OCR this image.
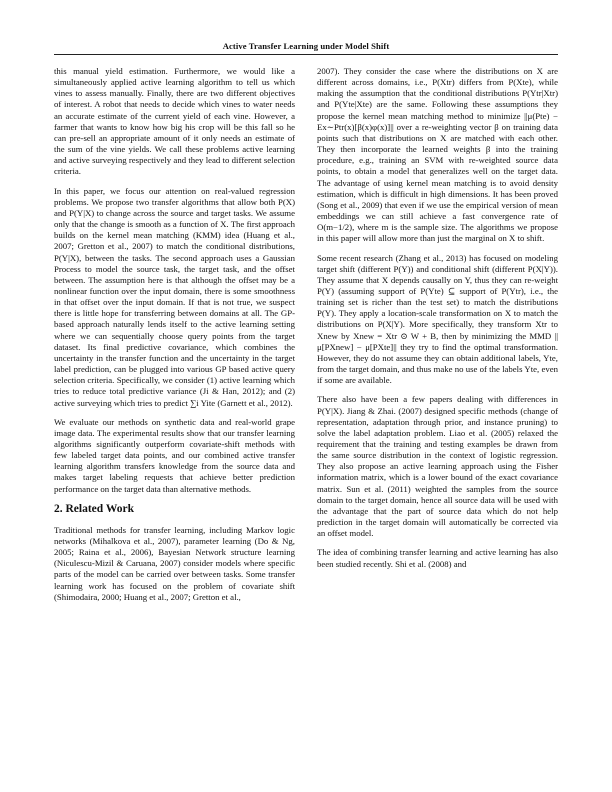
Active Transfer Learning under Model Shift

this manual yield estimation. Furthermore, we would like a simultaneously applied active learning algorithm to tell us which vines to assess manually. Finally, there are two different objectives of interest. A robot that needs to decide which vines to water needs an accurate estimate of the current yield of each vine. However, a farmer that wants to know how big his crop will be this fall so he can pre-sell an appropriate amount of it only needs an estimate of the sum of the vine yields. We call these problems active learning and active surveying respectively and they lead to different selection criteria.

In this paper, we focus our attention on real-valued regression problems. We propose two transfer algorithms that allow both P(X) and P(Y|X) to change across the source and target tasks. We assume only that the change is smooth as a function of X. The first approach builds on the kernel mean matching (KMM) idea (Huang et al., 2007; Gretton et al., 2007) to match the conditional distributions, P(Y|X), between the tasks. The second approach uses a Gaussian Process to model the source task, the target task, and the offset between. The assumption here is that although the offset may be a nonlinear function over the input domain, there is some smoothness in that offset over the input domain. If that is not true, we suspect there is little hope for transferring between domains at all. The GP-based approach naturally lends itself to the active learning setting where we can sequentially choose query points from the target dataset. Its final predictive covariance, which combines the uncertainty in the transfer function and the uncertainty in the target label prediction, can be plugged into various GP based active query selection criteria. Specifically, we consider (1) active learning which tries to reduce total predictive variance (Ji & Han, 2012); and (2) active surveying which tries to predict ∑i Yite (Garnett et al., 2012).

We evaluate our methods on synthetic data and real-world grape image data. The experimental results show that our transfer learning algorithms significantly outperform covariate-shift methods with few labeled target data points, and our combined active transfer learning algorithm transfers knowledge from the source data and makes target labeling requests that achieve better prediction performance on the target data than alternative methods.

2. Related Work

Traditional methods for transfer learning, including Markov logic networks (Mihalkova et al., 2007), parameter learning (Do & Ng, 2005; Raina et al., 2006), Bayesian Network structure learning (Niculescu-Mizil & Caruana, 2007) consider models where specific parts of the model can be carried over between tasks. Some transfer learning work has focused on the problem of covariate shift (Shimodaira, 2000; Huang et al., 2007; Gretton et al.,

2007). They consider the case where the distributions on X are different across domains, i.e., P(Xtr) differs from P(Xte), while making the assumption that the conditional distributions P(Ytr|Xtr) and P(Yte|Xte) are the same. Following these assumptions they propose the kernel mean matching method to minimize ||μ(Pte) − Ex∼Ptr(x)[β(x)φ(x)]|| over a re-weighting vector β on training data points such that distributions on X are matched with each other. They then incorporate the learned weights β into the training procedure, e.g., training an SVM with re-weighted source data points, to obtain a model that generalizes well on the target data. The advantage of using kernel mean matching is to avoid density estimation, which is difficult in high dimensions. It has been proved (Song et al., 2009) that even if we use the empirical version of mean embeddings we can still achieve a fast convergence rate of O(m−1/2), where m is the sample size. The algorithms we propose in this paper will allow more than just the marginal on X to shift.

Some recent research (Zhang et al., 2013) has focused on modeling target shift (different P(Y)) and conditional shift (different P(X|Y)). They assume that X depends causally on Y, thus they can re-weight P(Y) (assuming support of P(Yte) ⊆ support of P(Ytr), i.e., the training set is richer than the test set) to match the distributions P(Y). They apply a location-scale transformation on X to match the distributions on P(X|Y). More specifically, they transform Xtr to Xnew by Xnew = Xtr ⊙ W + B, then by minimizing the MMD ||μ[PXnew] − μ[PXte]|| they try to find the optimal transformation. However, they do not assume they can obtain additional labels, Yte, from the target domain, and thus make no use of the labels Yte, even if some are available.

There also have been a few papers dealing with differences in P(Y|X). Jiang & Zhai. (2007) designed specific methods (change of representation, adaptation through prior, and instance pruning) to solve the label adaptation problem. Liao et al. (2005) relaxed the requirement that the training and testing examples be drawn from the same source distribution in the context of logistic regression. They also propose an active learning approach using the Fisher information matrix, which is a lower bound of the exact covariance matrix. Sun et al. (2011) weighted the samples from the source domain to the target domain, hence all source data will be used with the advantage that the part of source data which do not help prediction in the target domain will automatically be corrected via an offset model.

The idea of combining transfer learning and active learning has also been studied recently. Shi et al. (2008) and
